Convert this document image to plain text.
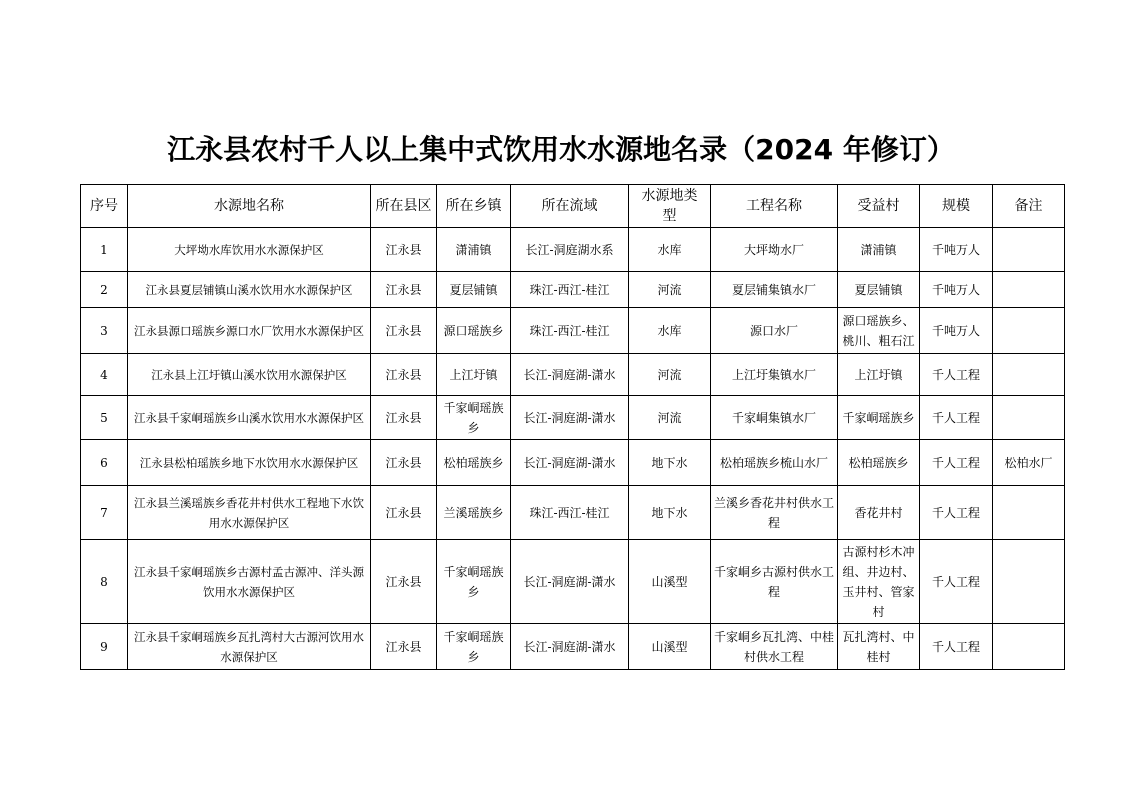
江永县农村千人以上集中式饮用水水源地名录（2024 年修订）
序号	水源地名称	所在县区	所在乡镇	所在流域	水源地类型	工程名称	受益村	规模	备注
1	大坪坳水库饮用水水源保护区	江永县	潇浦镇	长江-洞庭湖水系	水库	大坪坳水厂	潇浦镇	千吨万人	
2	江永县夏层铺镇山溪水饮用水水源保护区	江永县	夏层铺镇	珠江-西江-桂江	河流	夏层铺集镇水厂	夏层铺镇	千吨万人	
3	江永县源口瑶族乡源口水厂饮用水水源保护区	江永县	源口瑶族乡	珠江-西江-桂江	水库	源口水厂	源口瑶族乡、桃川、粗石江	千吨万人	
4	江永县上江圩镇山溪水饮用水源保护区	江永县	上江圩镇	长江-洞庭湖-潇水	河流	上江圩集镇水厂	上江圩镇	千人工程	
5	江永县千家峒瑶族乡山溪水饮用水水源保护区	江永县	千家峒瑶族乡	长江-洞庭湖-潇水	河流	千家峒集镇水厂	千家峒瑶族乡	千人工程	
6	江永县松柏瑶族乡地下水饮用水水源保护区	江永县	松柏瑶族乡	长江-洞庭湖-潇水	地下水	松柏瑶族乡梳山水厂	松柏瑶族乡	千人工程	松柏水厂
7	江永县兰溪瑶族乡香花井村供水工程地下水饮用水水源保护区	江永县	兰溪瑶族乡	珠江-西江-桂江	地下水	兰溪乡香花井村供水工程	香花井村	千人工程	
8	江永县千家峒瑶族乡古源村孟古源冲、洋头源饮用水水源保护区	江永县	千家峒瑶族乡	长江-洞庭湖-潇水	山溪型	千家峒乡古源村供水工程	古源村杉木冲组、井边村、玉井村、管家村	千人工程	
9	江永县千家峒瑶族乡瓦扎湾村大古源河饮用水水源保护区	江永县	千家峒瑶族乡	长江-洞庭湖-潇水	山溪型	千家峒乡瓦扎湾、中桂村供水工程	瓦扎湾村、中桂村	千人工程	
